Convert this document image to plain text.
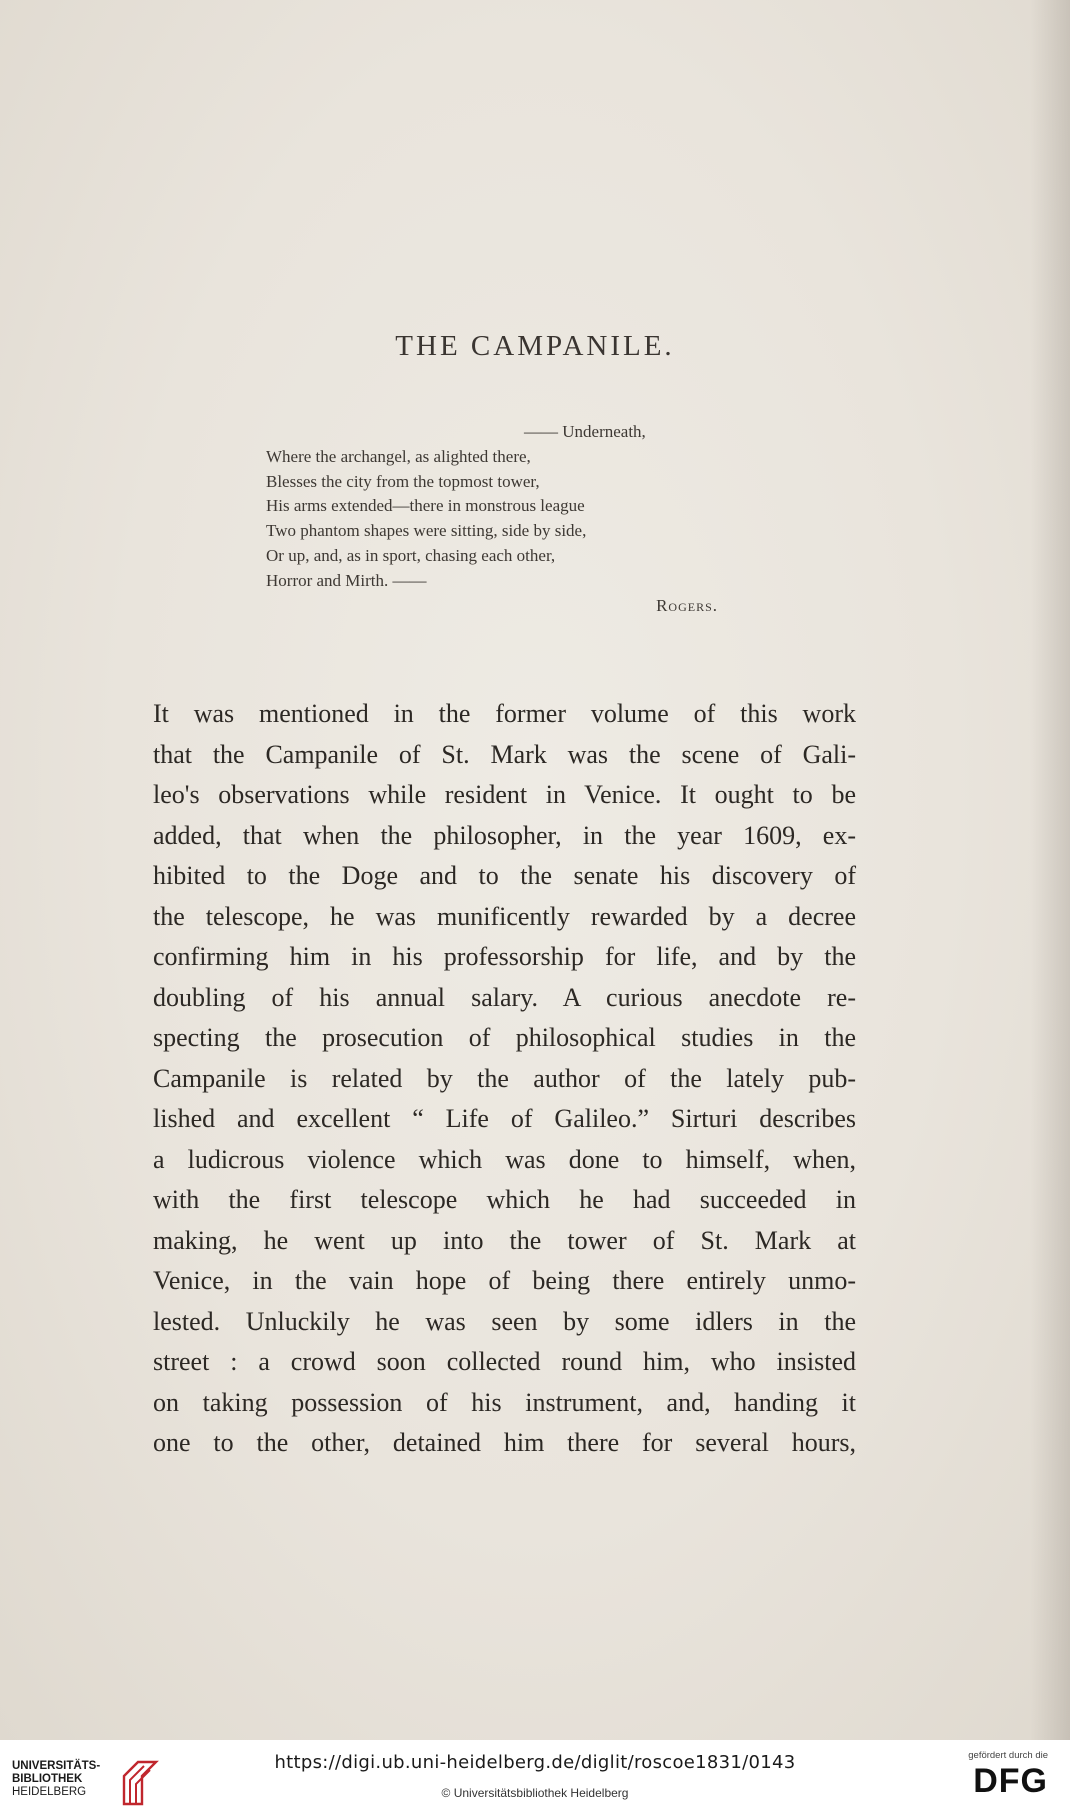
THE CAMPANILE.
—— Underneath,
Where the archangel, as alighted there,
Blesses the city from the topmost tower,
His arms extended—there in monstrous league
Two phantom shapes were sitting, side by side,
Or up, and, as in sport, chasing each other,
Horror and Mirth. ——
Rogers.
It was mentioned in the former volume of this work
that the Campanile of St. Mark was the scene of Gali-
leo's observations while resident in Venice. It ought to be
added, that when the philosopher, in the year 1609, ex-
hibited to the Doge and to the senate his discovery of
the telescope, he was munificently rewarded by a decree
confirming him in his professorship for life, and by the
doubling of his annual salary. A curious anecdote re-
specting the prosecution of philosophical studies in the
Campanile is related by the author of the lately pub-
lished and excellent “ Life of Galileo.” Sirturi describes
a ludicrous violence which was done to himself, when,
with the first telescope which he had succeeded in
making, he went up into the tower of St. Mark at
Venice, in the vain hope of being there entirely unmo-
lested. Unluckily he was seen by some idlers in the
street : a crowd soon collected round him, who insisted
on taking possession of his instrument, and, handing it
one to the other, detained him there for several hours,
UNIVERSITÄTS-
BIBLIOTHEK
HEIDELBERG
https://digi.ub.uni-heidelberg.de/diglit/roscoe1831/0143
© Universitätsbibliothek Heidelberg
gefördert durch die
DFG
